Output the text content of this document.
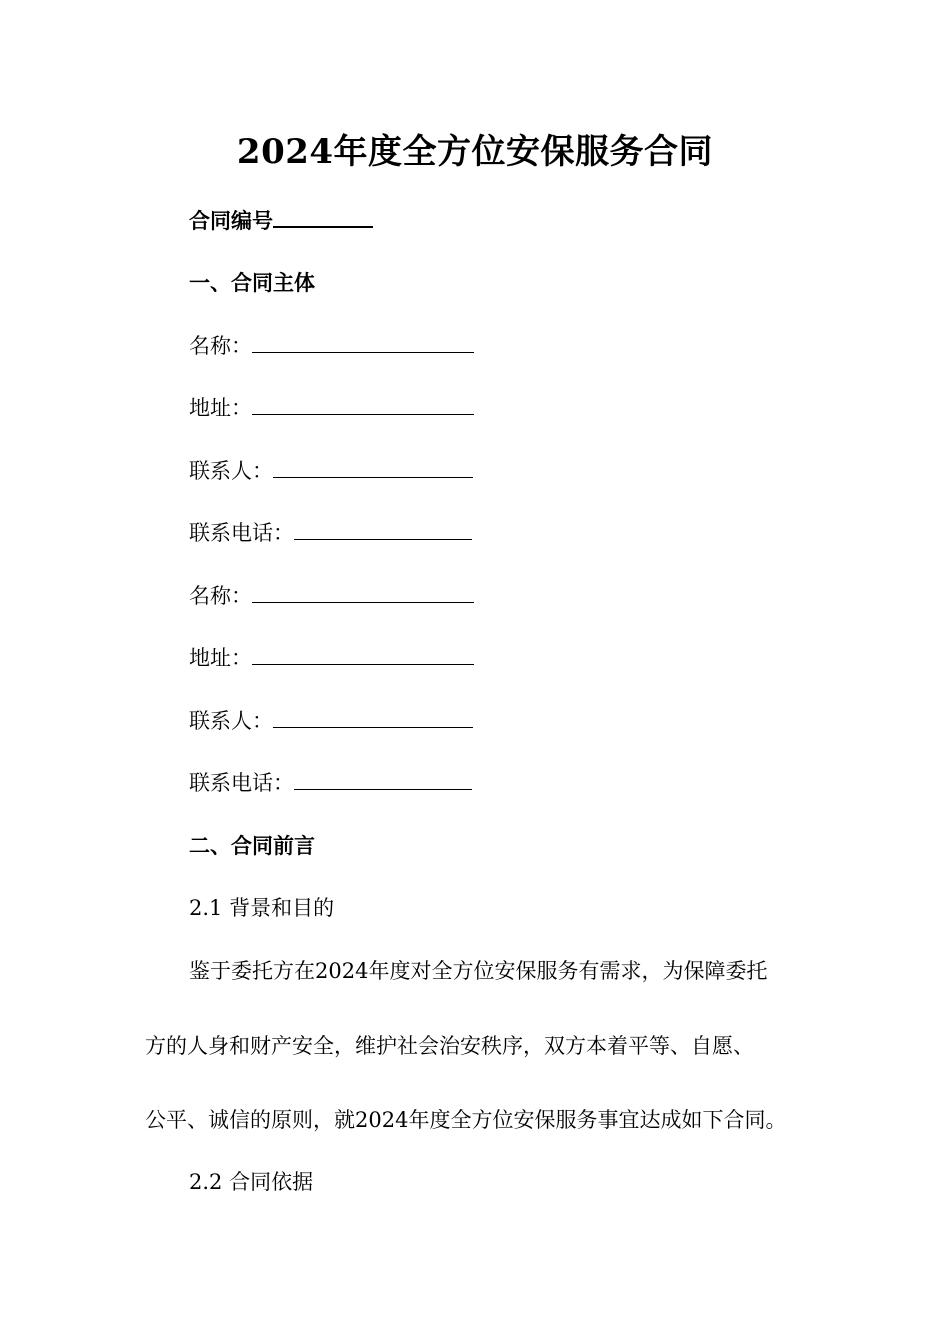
2024年度全方位安保服务合同
合同编号
一、合同主体
名称：
地址：
联系人：
联系电话：
名称：
地址：
联系人：
联系电话：
二、合同前言
2.1 背景和目的
鉴于委托方在2024年度对全方位安保服务有需求，为保障委托
方的人身和财产安全，维护社会治安秩序，双方本着平等、自愿、
公平、诚信的原则，就2024年度全方位安保服务事宜达成如下合同。
2.2 合同依据
